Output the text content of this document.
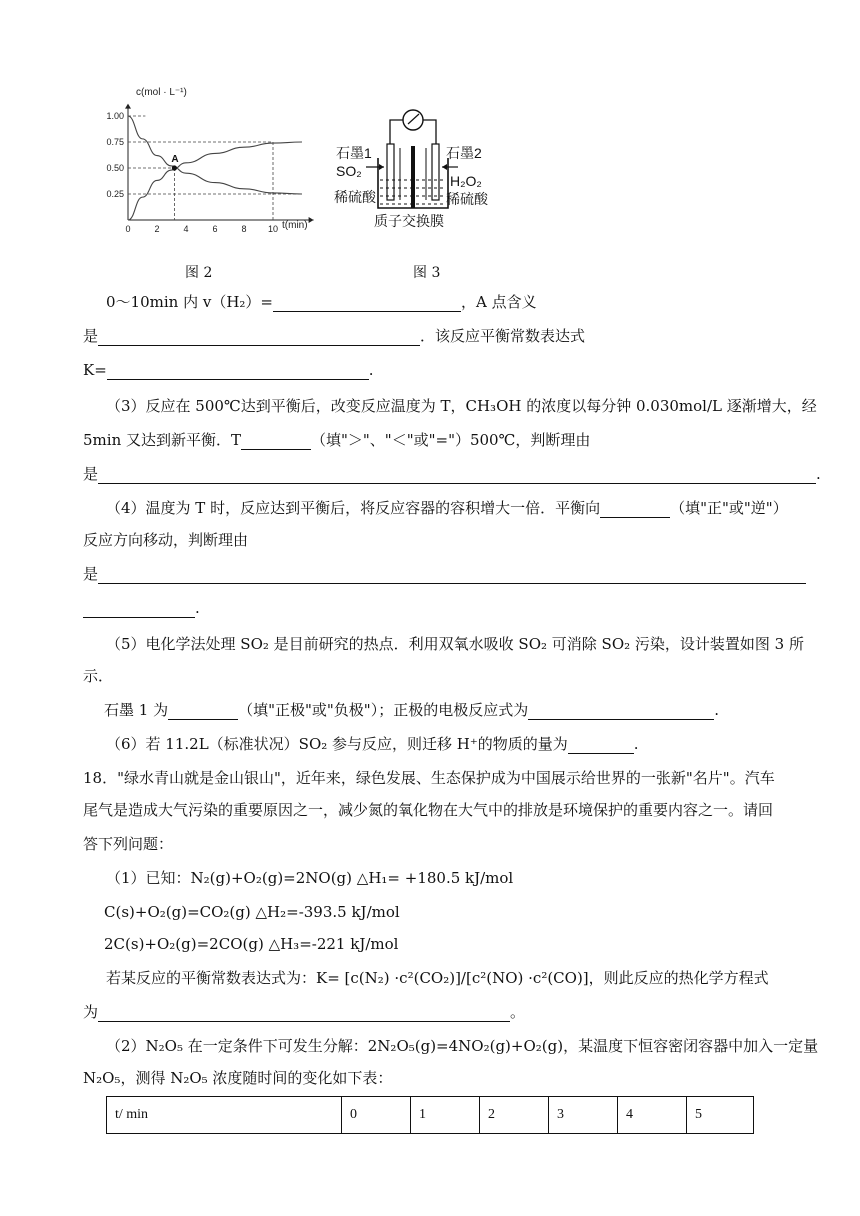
1.00
0.75
0.50
0.25
0	2	4	6	8 10
A
c(mol · L⁻¹)
t(min)
图 2
石墨1	石墨2
SO₂
H₂O₂
稀硫酸	稀硫酸
质子交换膜
图 3
0～10min 内 v（H₂）=	，A 点含义
是	．该反应平衡常数表达式
K=	.
（3）反应在 500℃达到平衡后，改变反应温度为 T，CH₃OH 的浓度以每分钟 0.030mol/L 逐渐增大，经
5min 又达到新平衡．T	（填"＞"、"＜"或"="）500℃，判断理由
是	.
（4）温度为 T 时，反应达到平衡后，将反应容器的容积增大一倍．平衡向	（填"正"或"逆"）
反应方向移动，判断理由
是
.
（5）电化学法处理 SO₂ 是目前研究的热点．利用双氧水吸收 SO₂ 可消除 SO₂ 污染，设计装置如图 3 所
示．
石墨 1 为	（填"正极"或"负极"）；正极的电极反应式为	.
（6）若 11.2L（标准状况）SO₂ 参与反应，则迁移 H⁺的物质的量为	.
18．"绿水青山就是金山银山"，近年来，绿色发展、生态保护成为中国展示给世界的一张新"名片"。汽车
尾气是造成大气污染的重要原因之一，减少氮的氧化物在大气中的排放是环境保护的重要内容之一。请回
答下列问题：
（1）已知：N₂(g)+O₂(g)=2NO(g) △H₁= +180.5 kJ/mol
C(s)+O₂(g)=CO₂(g) △H₂=-393.5 kJ/mol
2C(s)+O₂(g)=2CO(g) △H₃=-221 kJ/mol
若某反应的平衡常数表达式为：K= [c(N₂) ·c²(CO₂)]/[c²(NO) ·c²(CO)]，则此反应的热化学方程式
为	。
（2）N₂O₅ 在一定条件下可发生分解：2N₂O₅(g)=4NO₂(g)+O₂(g)，某温度下恒容密闭容器中加入一定量
N₂O₅，测得 N₂O₅ 浓度随时间的变化如下表：
t/ min	0	1	2	3	4	5
